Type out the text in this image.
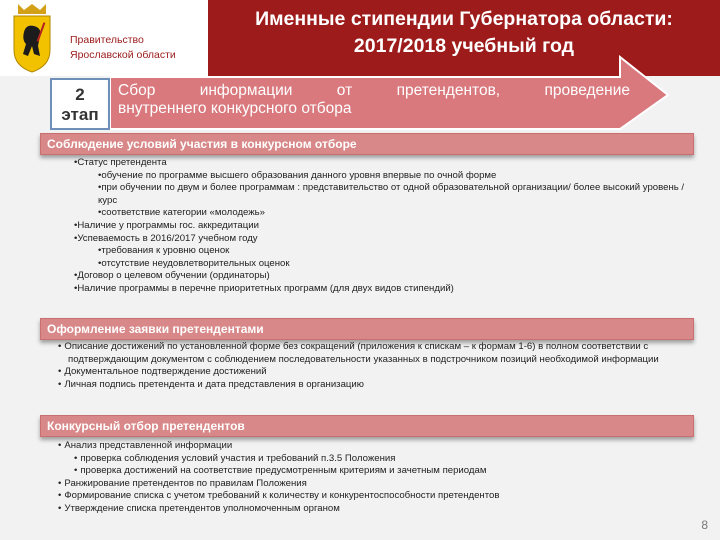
Правительство
Ярославской области
Именные стипендии Губернатора области:
2017/2018 учебный год
2
этап
Сбор информации от претендентов, проведение
внутреннего конкурсного отбора
Соблюдение условий участия в конкурсном отборе
•Статус претендента
•обучение по программе высшего образования данного уровня впервые по очной форме
•при обучении по двум и более программам : представительство от одной образовательной организации/ более высокий уровень / курс
•соответствие категории «молодежь»
•Наличие у программы гос. аккредитации
•Успеваемость в 2016/2017 учебном году
•требования к уровню оценок
•отсутствие неудовлетворительных оценок
•Договор о целевом обучении (ординаторы)
•Наличие программы в перечне приоритетных программ (для двух видов стипендий)
Оформление заявки претендентами
• Описание достижений по установленной форме без сокращений (приложения к спискам – к формам 1-6) в полном соответствии с подтверждающим документом с соблюдением последовательности указанных в подстрочником позиций необходимой информации
• Документальное подтверждение достижений
• Личная подпись претендента и дата представления в организацию
Конкурсный отбор претендентов
• Анализ представленной информации
• проверка соблюдения условий участия и требований п.3.5 Положения
• проверка достижений на соответствие предусмотренным критериям и зачетным периодам
• Ранжирование претендентов по правилам Положения
• Формирование списка с учетом требований к количеству и конкурентоспособности претендентов
• Утверждение списка претендентов уполномоченным органом
8
